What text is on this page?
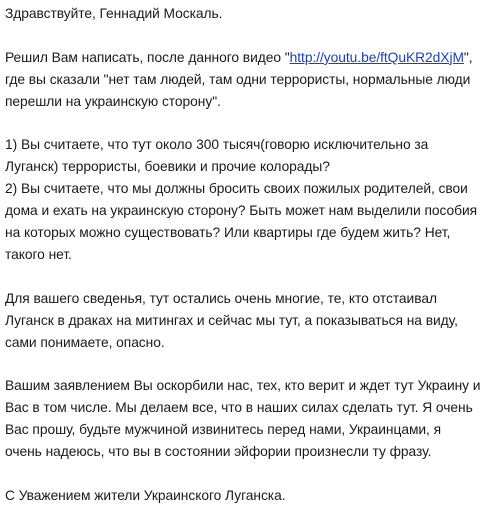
Здравствуйте, Геннадий Москаль.

Решил Вам написать, после данного видео "http://youtu.be/ftQuKR2dXjM",
где вы сказали "нет там людей, там одни террористы, нормальные люди
перешли на украинскую сторону".

1) Вы считаете, что тут около 300 тысяч(говорю исключительно за
Луганск) террористы, боевики и прочие колорады?
2) Вы считаете, что мы должны бросить своих пожилых родителей, свои
дома и ехать на украинскую сторону? Быть может нам выделили пособия
на которых можно существовать? Или квартиры где будем жить? Нет,
такого нет.

Для вашего сведенья, тут остались очень многие, те, кто отстаивал
Луганск в драках на митингах и сейчас мы тут, а показываться на виду,
сами понимаете, опасно.

Вашим заявлением Вы оскорбили нас, тех, кто верит и ждет тут Украину и
Вас в том числе. Мы делаем все, что в наших силах сделать тут. Я очень
Вас прошу, будьте мужчиной извинитесь перед нами, Украинцами, я
очень надеюсь, что вы в состоянии эйфории произнесли ту фразу.

С Уважением жители Украинского Луганска.
